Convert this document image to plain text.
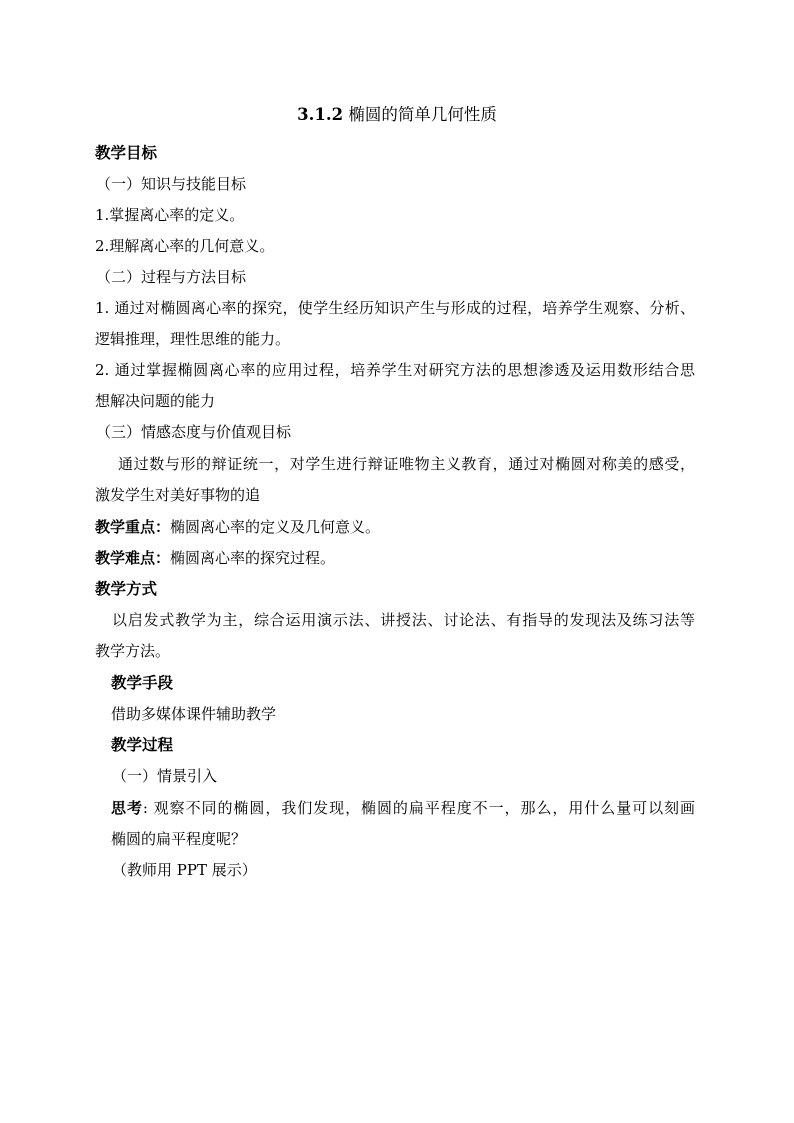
3.1.2 椭圆的简单几何性质
教学目标
（一）知识与技能目标
1.掌握离心率的定义。
2.理解离心率的几何意义。
（二）过程与方法目标
1. 通过对椭圆离心率的探究，使学生经历知识产生与形成的过程，培养学生观察、分析、
逻辑推理，理性思维的能力。
2. 通过掌握椭圆离心率的应用过程，培养学生对研究方法的思想渗透及运用数形结合思
想解决问题的能力
（三）情感态度与价值观目标
通过数与形的辩证统一，对学生进行辩证唯物主义教育，通过对椭圆对称美的感受，
激发学生对美好事物的追
教学重点：椭圆离心率的定义及几何意义。
教学难点：椭圆离心率的探究过程。
教学方式
以启发式教学为主，综合运用演示法、讲授法、讨论法、有指导的发现法及练习法等
教学方法。
教学手段
借助多媒体课件辅助教学
教学过程
（一）情景引入
思考: 观察不同的椭圆，我们发现，椭圆的扁平程度不一，那么，用什么量可以刻画
椭圆的扁平程度呢？
（教师用 PPT 展示）
